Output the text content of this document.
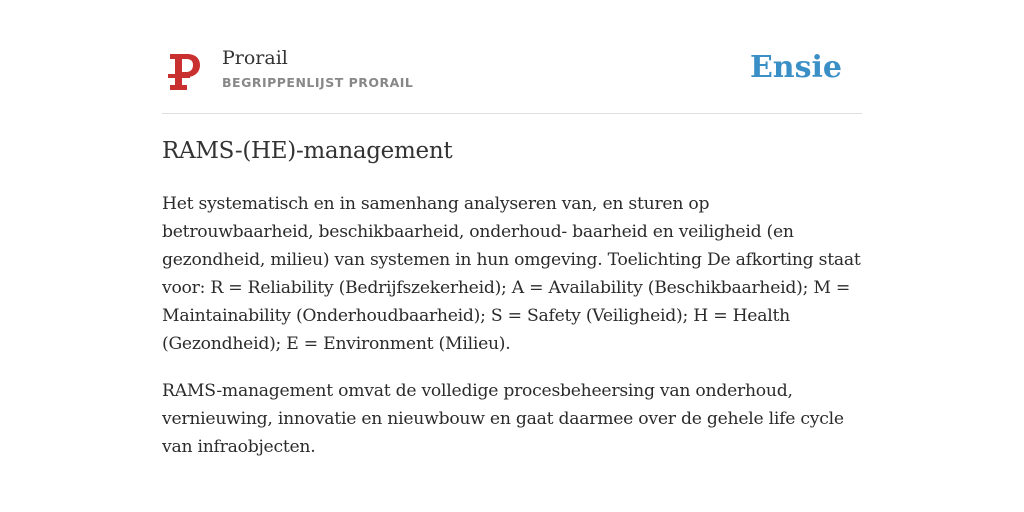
Prorail
BEGRIPPENLIJST PRORAIL	Ensie
RAMS-(HE)-management

Het systematisch en in samenhang analyseren van, en sturen op betrouwbaarheid, beschikbaarheid, onderhoud- baarheid en veiligheid (en gezondheid, milieu) van systemen in hun omgeving. Toelichting De afkorting staat voor: R = Reliability (Bedrijfszekerheid); A = Availability (Beschikbaarheid); M = Maintainability (Onderhoudbaarheid); S = Safety (Veiligheid); H = Health (Gezondheid); E = Environment (Milieu).

RAMS-management omvat de volledige procesbeheersing van onderhoud, vernieuwing, innovatie en nieuwbouw en gaat daarmee over de gehele life cycle van infraobjecten.
